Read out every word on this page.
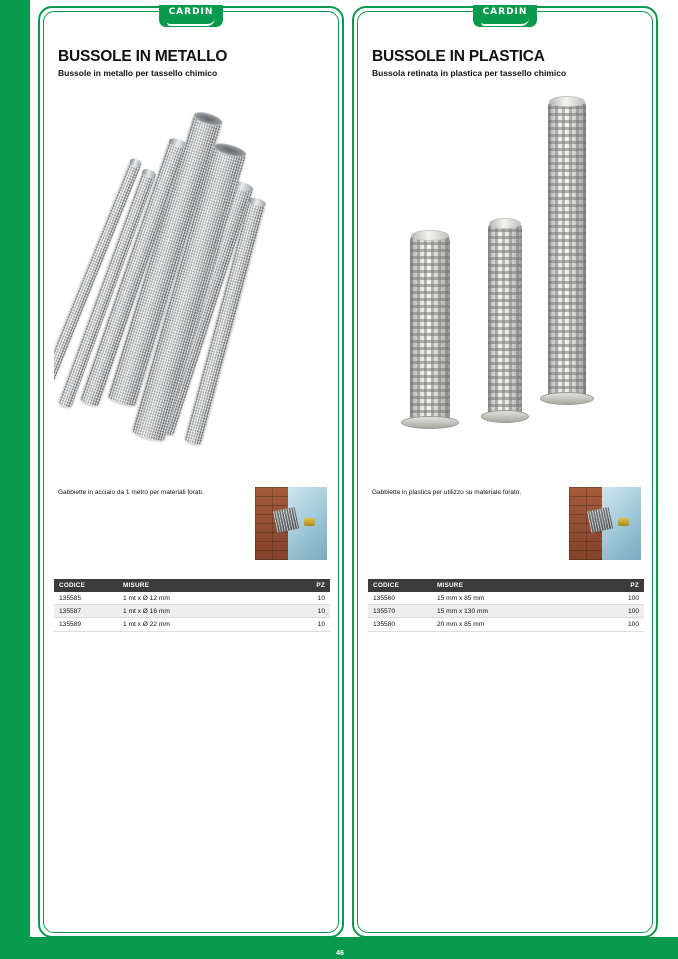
46
CARDIN
BUSSOLE IN METALLO
Bussole in metallo per tassello chimico
Gabbiette in acciaio da 1 metro per materiali forati.
CODICE	MISURE	PZ
135585	1 mt x Ø 12 mm	10
135587	1 mt x Ø 16 mm	10
135589	1 mt x Ø 22 mm	10
CARDIN
BUSSOLE IN PLASTICA
Bussola retinata in plastica per tassello chimico
Gabbiette in plastica per utilizzo su materiale forato.
CODICE	MISURE	PZ
135560	15 mm x 85 mm	100
135570	15 mm x 130 mm	100
135580	20 mm x 85 mm	100
